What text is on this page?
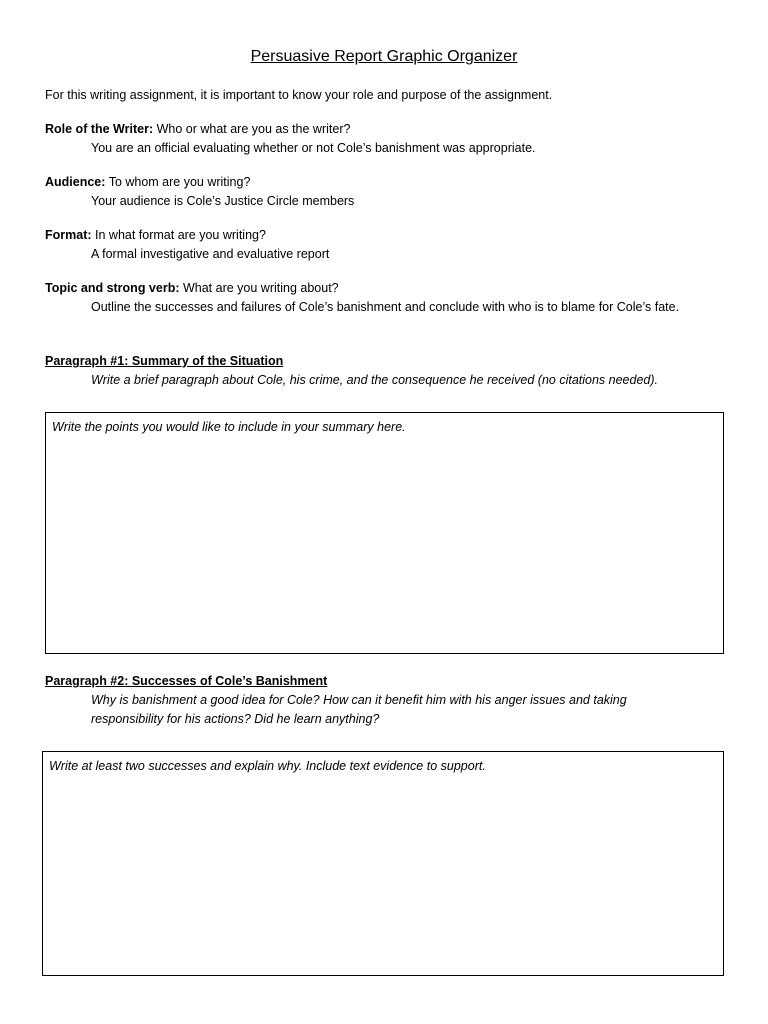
Persuasive Report Graphic Organizer
For this writing assignment, it is important to know your role and purpose of the assignment.
Role of the Writer: Who or what are you as the writer?
You are an official evaluating whether or not Cole’s banishment was appropriate.
Audience: To whom are you writing?
Your audience is Cole’s Justice Circle members
Format: In what format are you writing?
A formal investigative and evaluative report
Topic and strong verb: What are you writing about?
Outline the successes and failures of Cole’s banishment and conclude with who is to blame for Cole’s fate.
Paragraph #1: Summary of the Situation
Write a brief paragraph about Cole, his crime, and the consequence he received (no citations needed).
Write the points you would like to include in your summary here.
Paragraph #2: Successes of Cole’s Banishment
Why is banishment a good idea for Cole? How can it benefit him with his anger issues and taking responsibility for his actions? Did he learn anything?
Write at least two successes and explain why. Include text evidence to support.
